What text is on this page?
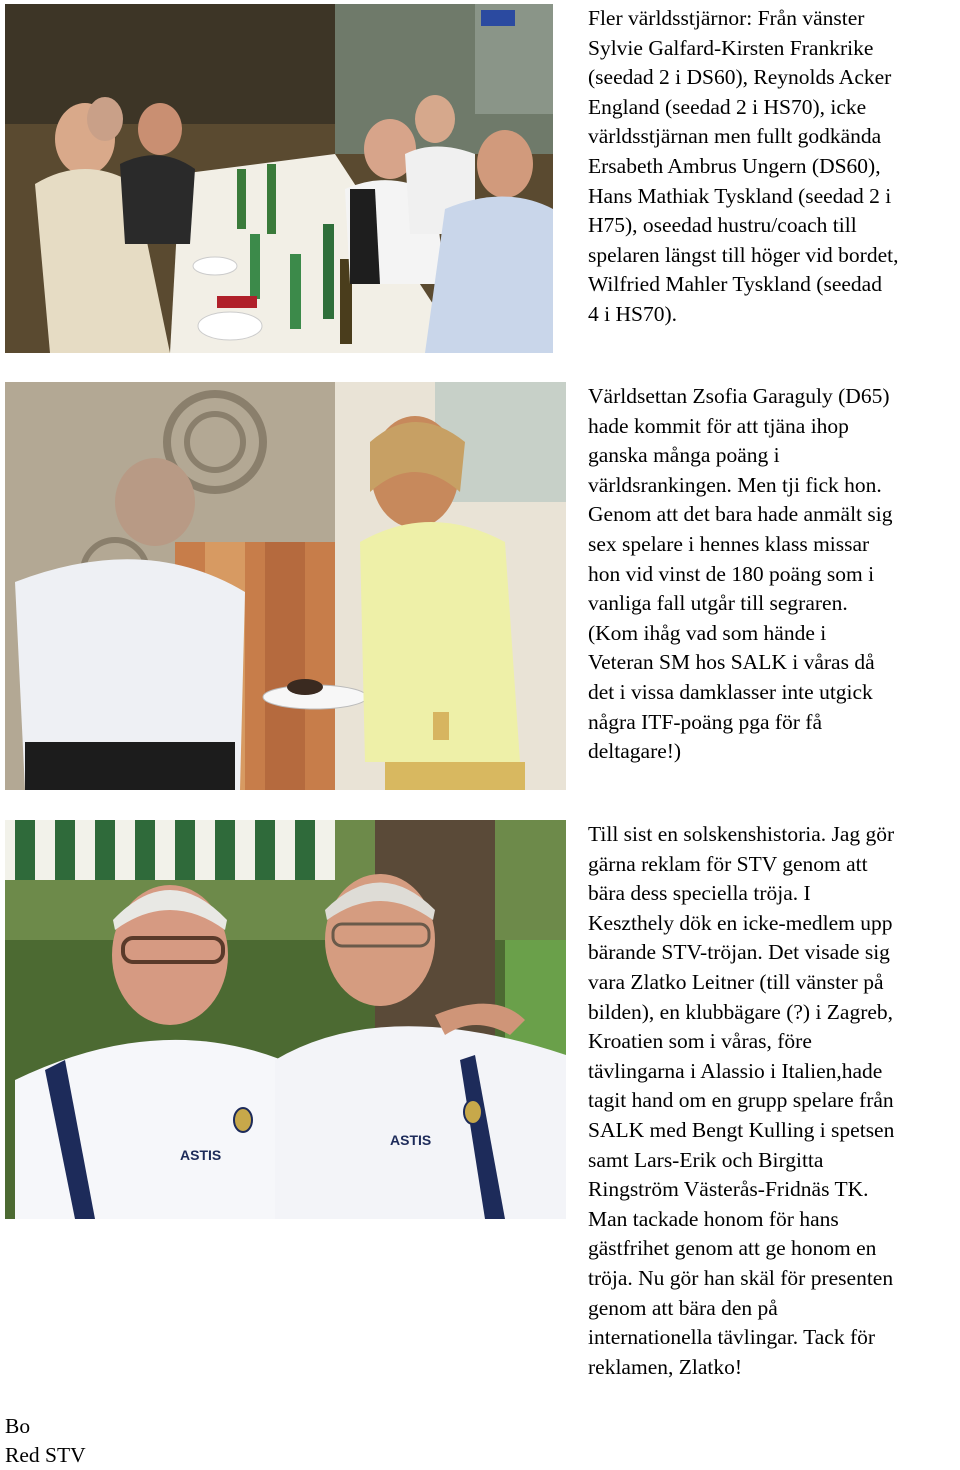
Fler världsstjärnor: Från vänster
Sylvie Galfard-Kirsten Frankrike
(seedad 2 i DS60), Reynolds Acker
England (seedad 2 i HS70), icke
världsstjärnan men fullt godkända
Ersabeth Ambrus Ungern (DS60),
Hans Mathiak Tyskland (seedad 2 i
H75), oseedad hustru/coach till
spelaren längst till höger vid bordet,
Wilfried Mahler Tyskland (seedad
4 i HS70).
Världsettan Zsofia Garaguly (D65)
hade kommit för att tjäna ihop
ganska många poäng i
världsrankingen. Men tji fick hon.
Genom att det bara hade anmält sig
sex spelare i hennes klass missar
hon vid vinst de 180 poäng som i
vanliga fall utgår till segraren.
(Kom ihåg vad som hände i
Veteran SM hos SALK i våras då
det i vissa damklasser inte utgick
några ITF-poäng pga för få
deltagare!)
ASTIS
ASTIS
Till sist en solskenshistoria. Jag gör
gärna reklam för STV genom att
bära dess speciella tröja. I
Keszthely dök en icke-medlem upp
bärande STV-tröjan. Det visade sig
vara Zlatko Leitner (till vänster på
bilden), en klubbägare (?) i Zagreb,
Kroatien som i våras, före
tävlingarna i Alassio i Italien,hade
tagit hand om en grupp spelare från
SALK med Bengt Kulling i spetsen
samt Lars-Erik och Birgitta
Ringström Västerås-Fridnäs TK.
Man tackade honom för hans
gästfrihet genom att ge honom en
tröja. Nu gör han skäl för presenten
genom att bära den på
internationella tävlingar. Tack för
reklamen, Zlatko!
Bo
Red STV
